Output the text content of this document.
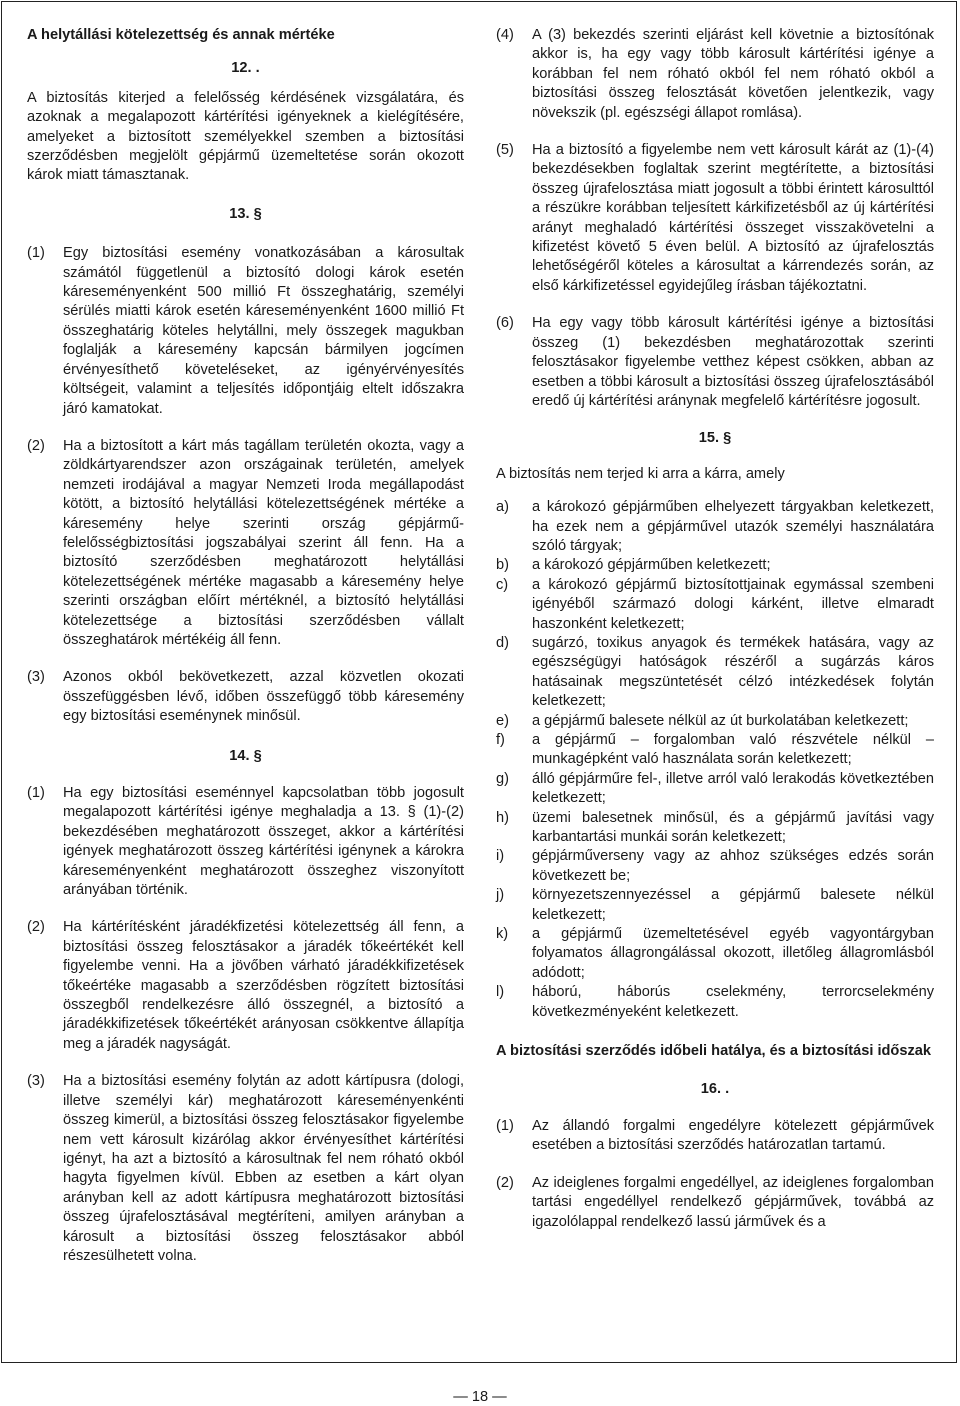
A helytállási kötelezettség és annak mértéke

12. .

A biztosítás kiterjed a felelősség kérdésének vizsgálatára, és azoknak a megalapozott kártérítési igényeknek a kielégítésére, amelyeket a biztosított személyekkel szemben a biztosítási szerződésben megjelölt gépjármű üzemeltetése során okozott károk miatt támasztanak.

13. §

(1)	Egy biztosítási esemény vonatkozásában a károsultak számától függetlenül a biztosító dologi károk esetén káreseményenként 500 millió Ft összeghatárig, személyi sérülés miatti károk esetén káreseményenként 1600 millió Ft összeghatárig köteles helytállni, mely összegek magukban foglalják a káresemény kapcsán bármilyen jogcímen érvényesíthető követeléseket, az igényérvényesítés költségeit, valamint a teljesítés időpontjáig eltelt időszakra járó kamatokat.
(2)	Ha a biztosított a kárt más tagállam területén okozta, vagy a zöldkártyarendszer azon országainak területén, amelyek nemzeti irodájával a magyar Nemzeti Iroda megállapodást kötött, a biztosító helytállási kötelezettségének mértéke a káresemény helye szerinti ország gépjármű-felelősségbiztosítási jogszabályai szerint áll fenn. Ha a biztosító szerződésben meghatározott helytállási kötelezettségének mértéke magasabb a káresemény helye szerinti országban előírt mértéknél, a biztosító helytállási kötelezettsége a biztosítási szerződésben vállalt összeghatárok mértékéig áll fenn.
(3)	Azonos okból bekövetkezett, azzal közvetlen okozati összefüggésben lévő, időben összefüggő több káresemény egy biztosítási eseménynek minősül.

14. §

(1)	Ha egy biztosítási eseménnyel kapcsolatban több jogosult megalapozott kártérítési igénye meghaladja a 13. § (1)-(2) bekezdésében meghatározott összeget, akkor a kártérítési igények meghatározott összeg kártérítési igénynek a károkra káreseményenként meghatározott összeghez viszonyított arányában történik.
(2)	Ha kártérítésként járadékfizetési kötelezettség áll fenn, a biztosítási összeg felosztásakor a járadék tőkeértékét kell figyelembe venni. Ha a jövőben várható járadékkifizetések tőkeértéke magasabb a szerződésben rögzített biztosítási összegből rendelkezésre álló összegnél, a biztosító a járadékkifizetések tőkeértékét arányosan csökkentve állapítja meg a járadék nagyságát.
(3)	Ha a biztosítási esemény folytán az adott kártípusra (dologi, illetve személyi kár) meghatározott káreseményenkénti összeg kimerül, a biztosítási összeg felosztásakor figyelembe nem vett károsult kizárólag akkor érvényesíthet kártérítési igényt, ha azt a biztosító a károsultnak fel nem róható okból hagyta figyelmen kívül. Ebben az esetben a kárt olyan arányban kell az adott kártípusra meghatározott biztosítási összeg újrafelosztásával megtéríteni, amilyen arányban a károsult a biztosítási összeg felosztásakor abból részesülhetett volna.
(4)	A (3) bekezdés szerinti eljárást kell követnie a biztosítónak akkor is, ha egy vagy több károsult kártérítési igénye a korábban fel nem róható okból fel nem róható okból a biztosítási összeg felosztását követően jelentkezik, vagy növekszik (pl. egészségi állapot romlása).
(5)	Ha a biztosító a figyelembe nem vett károsult kárát az (1)-(4) bekezdésekben foglaltak szerint megtérítette, a biztosítási összeg újrafelosztása miatt jogosult a többi érintett károsulttól a részükre korábban teljesített kárkifizetésből az új kártérítési arányt meghaladó kártérítési összeget visszakövetelni a kifizetést követő 5 éven belül. A biztosító az újrafelosztás lehetőségéről köteles a károsultat a kárrendezés során, az első kárkifizetéssel egyidejűleg írásban tájékoztatni.
(6)	Ha egy vagy több károsult kártérítési igénye a biztosítási összeg (1) bekezdésben meghatározottak szerinti felosztásakor figyelembe vetthez képest csökken, abban az esetben a többi károsult a biztosítási összeg újrafelosztásából eredő új kártérítési aránynak megfelelő kártérítésre jogosult.

15. §

A biztosítás nem terjed ki arra a kárra, amely

a)	a károkozó gépjárműben elhelyezett tárgyakban keletkezett, ha ezek nem a gépjárművel utazók személyi használatára szóló tárgyak;
b)	a károkozó gépjárműben keletkezett;
c)	a károkozó gépjármű biztosítottjainak egymással szembeni igényéből származó dologi kárként, illetve elmaradt haszonként keletkezett;
d)	sugárzó, toxikus anyagok és termékek hatására, vagy az egészségügyi hatóságok részéről a sugárzás káros hatásainak megszüntetését célzó intézkedések folytán keletkezett;
e)	a gépjármű balesete nélkül az út burkolatában keletkezett;
f)	a gépjármű – forgalomban való részvétele nélkül – munkagépként való használata során keletkezett;
g)	álló gépjárműre fel-, illetve arról való lerakodás következtében keletkezett;
h)	üzemi balesetnek minősül, és a gépjármű javítási vagy karbantartási munkái során keletkezett;
i)	gépjárműverseny vagy az ahhoz szükséges edzés során következett be;
j)	környezetszennyezéssel a gépjármű balesete nélkül keletkezett;
k)	a gépjármű üzemeltetésével egyéb vagyontárgyban folyamatos állagrongálással okozott, illetőleg állagromlásból adódott;
l)	háború, háborús cselekmény, terrorcselekmény következményeként keletkezett.

A biztosítási szerződés időbeli hatálya, és a biztosítási időszak

16. .

(1)	Az állandó forgalmi engedélyre kötelezett gépjárművek esetében a biztosítási szerződés határozatlan tartamú.
(2)	Az ideiglenes forgalmi engedéllyel, az ideiglenes forgalomban tartási engedéllyel rendelkező gépjárművek, továbbá az igazolólappal rendelkező lassú járművek és a
— 18 —
